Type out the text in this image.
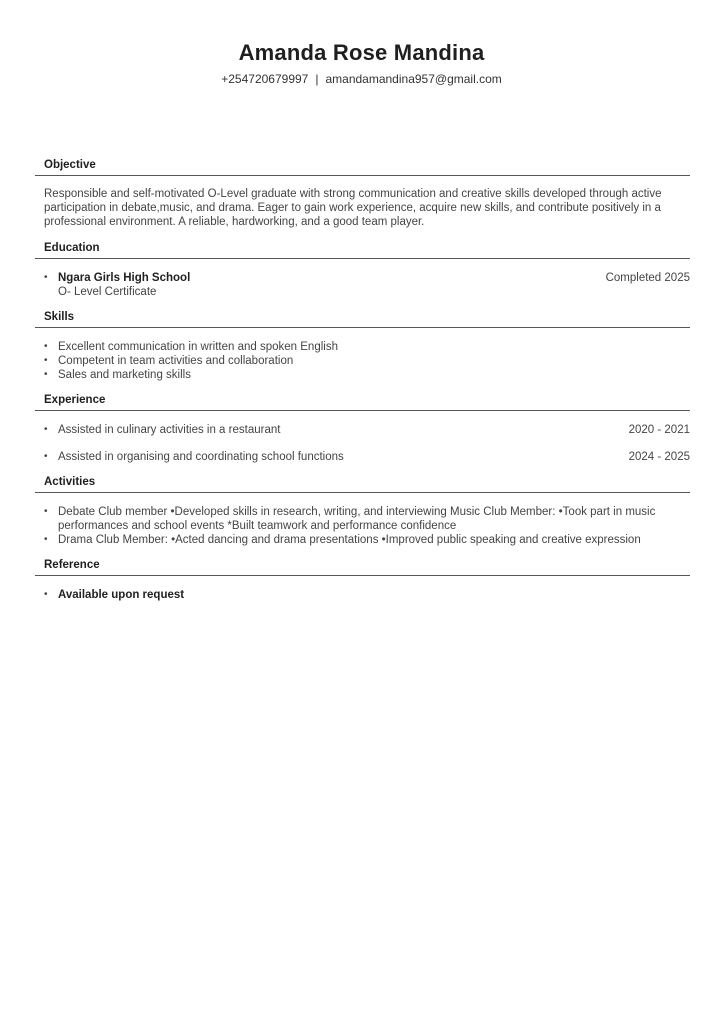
Amanda Rose Mandina
+254720679997 | amandamandina957@gmail.com
Objective
Responsible and self-motivated O-Level graduate with strong communication and creative skills developed through active
participation in debate,music, and drama. Eager to gain work experience, acquire new skills, and contribute positively in a
professional environment. A reliable, hardworking, and a good team player.
Education
• Ngara Girls High School
O- Level Certificate
Completed 2025
Skills
• Excellent communication in written and spoken English
• Competent in team activities and collaboration
• Sales and marketing skills
Experience
• Assisted in culinary activities in a restaurant	2020 - 2021
• Assisted in organising and coordinating school functions	2024 - 2025
Activities
• Debate Club member •Developed skills in research, writing, and interviewing Music Club Member: •Took part in music
performances and school events *Built teamwork and performance confidence
• Drama Club Member: •Acted dancing and drama presentations •Improved public speaking and creative expression
Reference
• Available upon request
